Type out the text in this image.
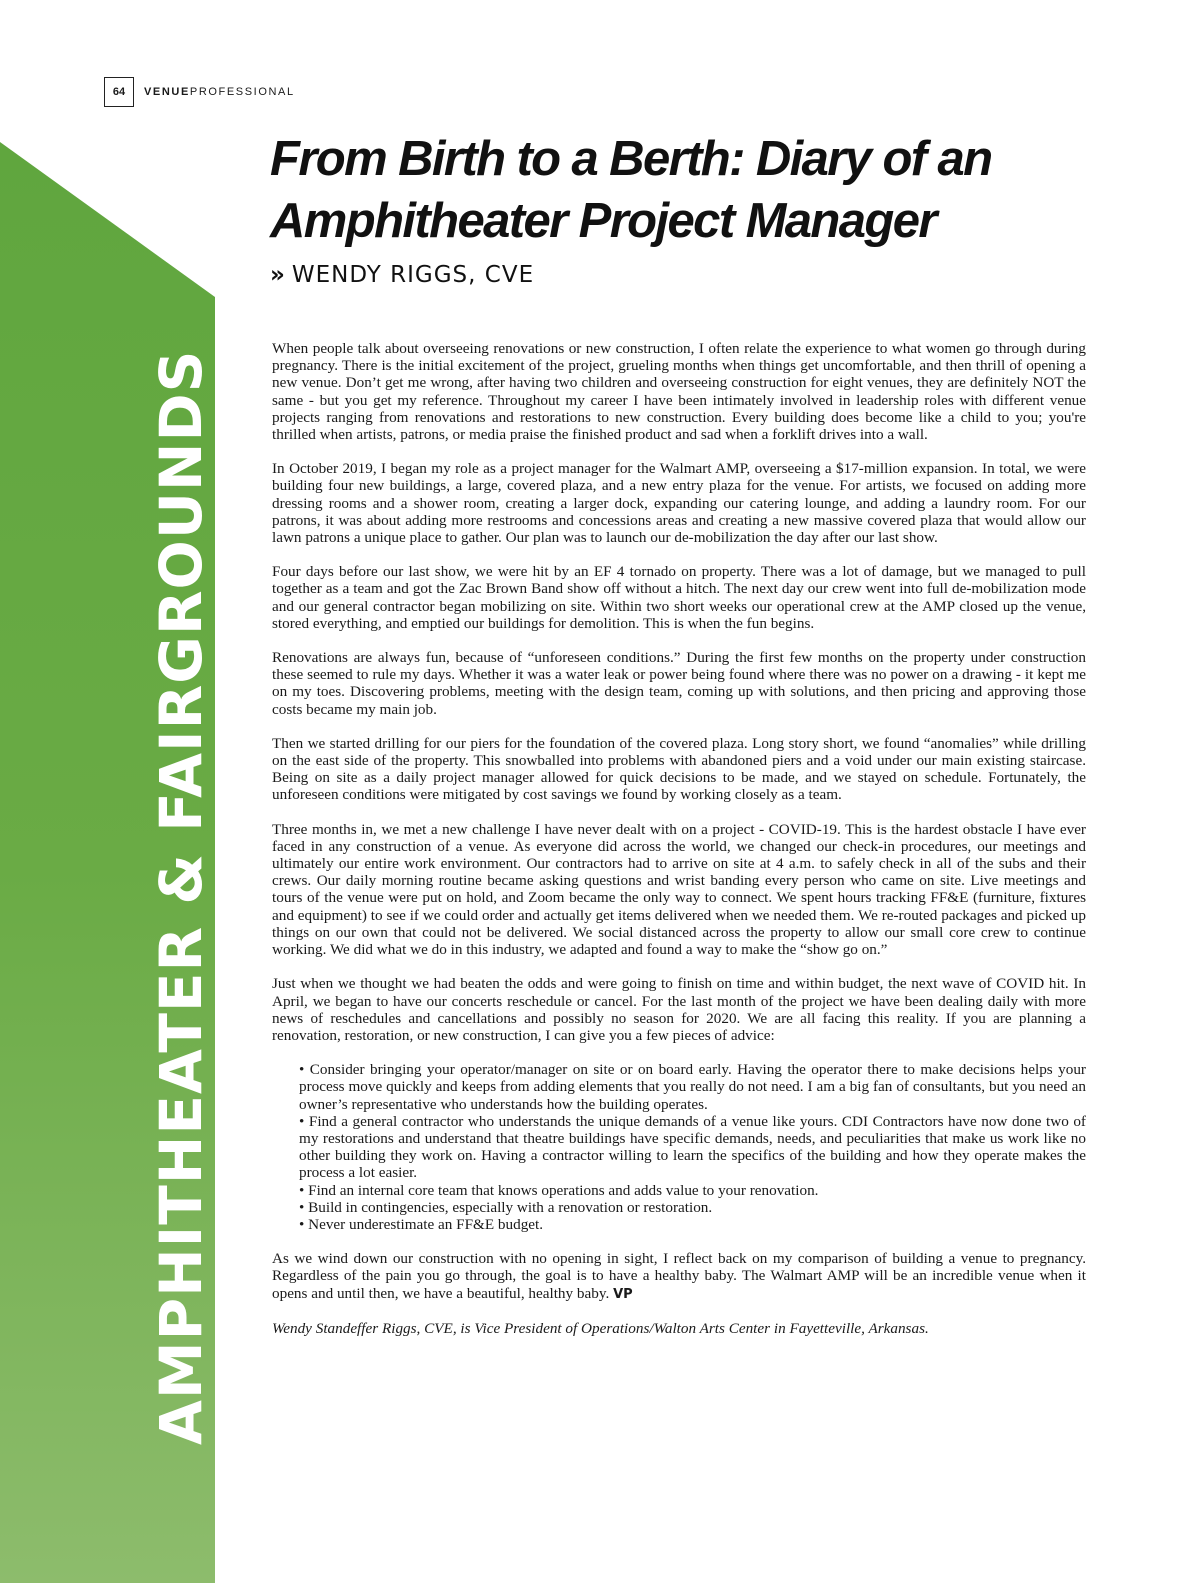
AMPHITHEATER & FAIRGROUNDS
64	VENUEPROFESSIONAL
From Birth to a Berth: Diary of an Amphitheater Project Manager
» WENDY RIGGS, CVE

When people talk about overseeing renovations or new construction, I often relate the experience to what women go through during pregnancy. There is the initial excitement of the project, grueling months when things get uncomfortable, and then thrill of opening a new venue. Don’t get me wrong, after having two children and overseeing construction for eight venues, they are definitely NOT the same - but you get my reference. Throughout my career I have been intimately involved in leadership roles with different venue projects ranging from renovations and restorations to new construction. Every building does become like a child to you; you're thrilled when artists, patrons, or media praise the finished product and sad when a forklift drives into a wall.

In October 2019, I began my role as a project manager for the Walmart AMP, overseeing a $17-million expansion. In total, we were building four new buildings, a large, covered plaza, and a new entry plaza for the venue. For artists, we focused on adding more dressing rooms and a shower room, creating a larger dock, expanding our catering lounge, and adding a laundry room. For our patrons, it was about adding more restrooms and concessions areas and creating a new massive covered plaza that would allow our lawn patrons a unique place to gather. Our plan was to launch our de-mobilization the day after our last show.

Four days before our last show, we were hit by an EF 4 tornado on property. There was a lot of damage, but we managed to pull together as a team and got the Zac Brown Band show off without a hitch. The next day our crew went into full de-mobilization mode and our general contractor began mobilizing on site. Within two short weeks our operational crew at the AMP closed up the venue, stored everything, and emptied our buildings for demolition. This is when the fun begins.

Renovations are always fun, because of “unforeseen conditions.” During the first few months on the property under construction these seemed to rule my days. Whether it was a water leak or power being found where there was no power on a drawing - it kept me on my toes. Discovering problems, meeting with the design team, coming up with solutions, and then pricing and approving those costs became my main job.

Then we started drilling for our piers for the foundation of the covered plaza. Long story short, we found “anomalies” while drilling on the east side of the property. This snowballed into problems with abandoned piers and a void under our main existing staircase. Being on site as a daily project manager allowed for quick decisions to be made, and we stayed on schedule. Fortunately, the unforeseen conditions were mitigated by cost savings we found by working closely as a team.

Three months in, we met a new challenge I have never dealt with on a project - COVID-19. This is the hardest obstacle I have ever faced in any construction of a venue. As everyone did across the world, we changed our check-in procedures, our meetings and ultimately our entire work environment. Our contractors had to arrive on site at 4 a.m. to safely check in all of the subs and their crews. Our daily morning routine became asking questions and wrist banding every person who came on site. Live meetings and tours of the venue were put on hold, and Zoom became the only way to connect. We spent hours tracking FF&E (furniture, fixtures and equipment) to see if we could order and actually get items delivered when we needed them. We re-routed packages and picked up things on our own that could not be delivered. We social distanced across the property to allow our small core crew to continue working. We did what we do in this industry, we adapted and found a way to make the “show go on.”

Just when we thought we had beaten the odds and were going to finish on time and within budget, the next wave of COVID hit. In April, we began to have our concerts reschedule or cancel. For the last month of the project we have been dealing daily with more news of reschedules and cancellations and possibly no season for 2020. We are all facing this reality. If you are planning a renovation, restoration, or new construction, I can give you a few pieces of advice:

• Consider bringing your operator/manager on site or on board early. Having the operator there to make decisions helps your process move quickly and keeps from adding elements that you really do not need. I am a big fan of consultants, but you need an owner’s representative who understands how the building operates.
• Find a general contractor who understands the unique demands of a venue like yours. CDI Contractors have now done two of my restorations and understand that theatre buildings have specific demands, needs, and peculiarities that make us work like no other building they work on. Having a contractor willing to learn the specifics of the building and how they operate makes the process a lot easier.
• Find an internal core team that knows operations and adds value to your renovation.
• Build in contingencies, especially with a renovation or restoration.
• Never underestimate an FF&E budget.

As we wind down our construction with no opening in sight, I reflect back on my comparison of building a venue to pregnancy. Regardless of the pain you go through, the goal is to have a healthy baby. The Walmart AMP will be an incredible venue when it opens and until then, we have a beautiful, healthy baby. VP

Wendy Standeffer Riggs, CVE, is Vice President of Operations/Walton Arts Center in Fayetteville, Arkansas.
